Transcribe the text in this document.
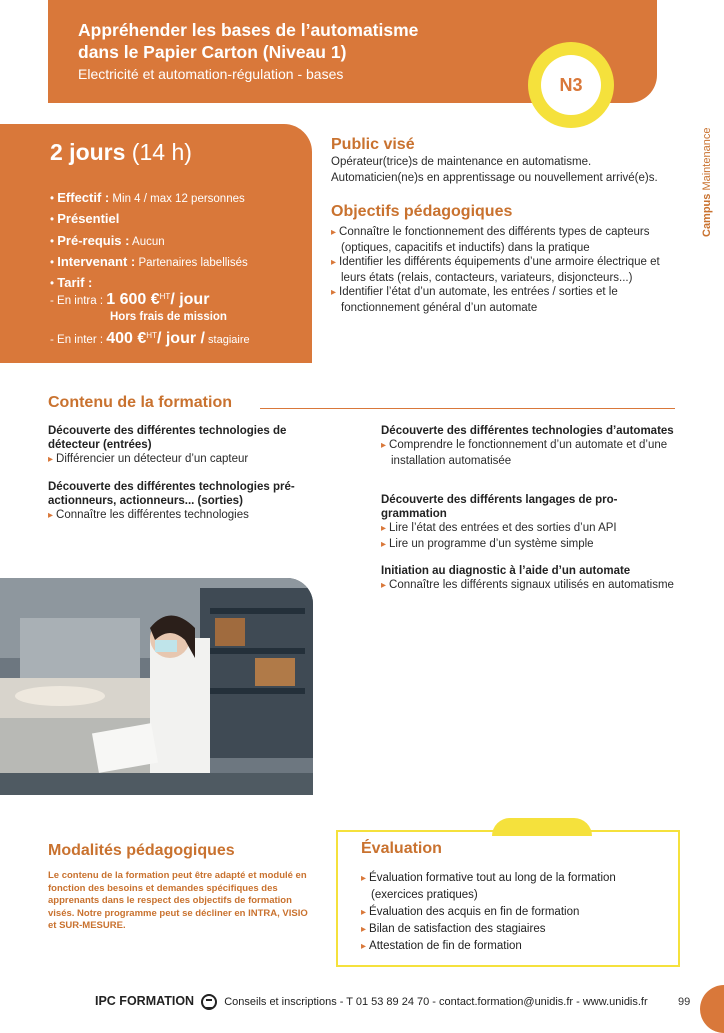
Appréhender les bases de l’automatisme
dans le Papier Carton (Niveau 1)
Electricité et automation-régulation - bases
N3
Campus Maintenance
2 jours (14 h)
• Effectif : Min 4 / max 12 personnes
• Présentiel
• Pré-requis : Aucun
• Intervenant : Partenaires labellisés
• Tarif :
- En intra : 1 600 €$^{HT}$/ jour
Hors frais de mission
- En inter : 400 €$^{HT}$/ jour / stagiaire
Public visé
Opérateur(trice)s de maintenance en automatisme.
Automaticien(ne)s en apprentissage ou nouvellement arrivé(e)s.
Objectifs pédagogiques
▸ Connaître le fonctionnement des différents types de capteurs (optiques, capacitifs et inductifs) dans la pratique
▸ Identifier les différents équipements d’une armoire électrique et leurs états (relais, contacteurs, variateurs, disjoncteurs...)
▸ Identifier l’état d’un automate, les entrées / sorties et le fonctionnement général d’un automate
Contenu de la formation
Découverte des différentes technologies de détecteur (entrées)
▸ Différencier un détecteur d’un capteur
Découverte des différentes technologies pré-actionneurs, actionneurs... (sorties)
▸ Connaître les différentes technologies
Découverte des différentes technologies d’automates
▸ Comprendre le fonctionnement d’un automate et d’une installation automatisée
Découverte des différents langages de pro-grammation
▸ Lire l’état des entrées et des sorties d’un API
▸ Lire un programme d’un système simple
Initiation au diagnostic à l’aide d’un automate
▸ Connaître les différents signaux utilisés en automatisme
Modalités pédagogiques
Le contenu de la formation peut être adapté et modulé en fonction des besoins et demandes spécifiques des apprenants dans le respect des objectifs de formation visés. Notre programme peut se décliner en INTRA, VISIO et SUR-MESURE.
Évaluation
▸ Évaluation formative tout au long de la formation (exercices pratiques)
▸ Évaluation des acquis en fin de formation
▸ Bilan de satisfaction des stagiaires
▸ Attestation de fin de formation
IPC FORMATION	Conseils et inscriptions - T 01 53 89 24 70 - contact.formation@unidis.fr - www.unidis.fr	99
